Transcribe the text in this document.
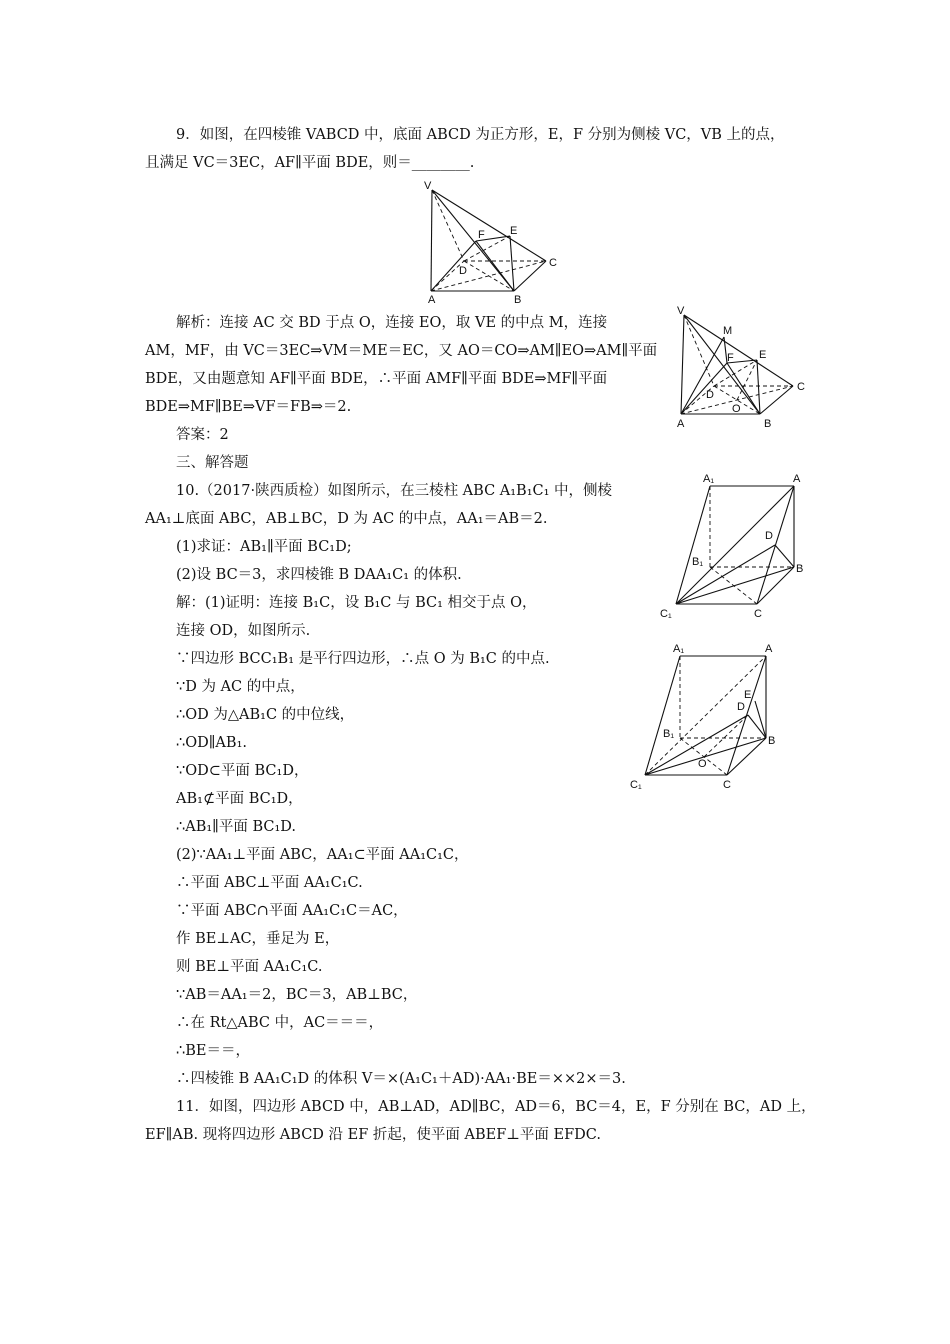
9．如图，在四棱锥 VABCD 中，底面 ABCD 为正方形，E，F 分别为侧棱 VC，VB 上的点，
且满足 VC＝3EC，AF∥平面 BDE，则＝________.
解析：连接 AC 交 BD 于点 O，连接 EO，取 VE 的中点 M，连接
AM，MF，由 VC＝3EC⇒VM＝ME＝EC，又 AO＝CO⇒AM∥EO⇒AM∥平面
BDE，又由题意知 AF∥平面 BDE，∴平面 AMF∥平面 BDE⇒MF∥平面
BDE⇒MF∥BE⇒VF＝FB⇒＝2.
答案：2
三、解答题
10.（2017·陕西质检）如图所示，在三棱柱 ABC A₁B₁C₁ 中，侧棱
AA₁⊥底面 ABC，AB⊥BC，D 为 AC 的中点，AA₁＝AB＝2.
(1)求证：AB₁∥平面 BC₁D;
(2)设 BC＝3，求四棱锥 B DAA₁C₁ 的体积.
解：(1)证明：连接 B₁C，设 B₁C 与 BC₁ 相交于点 O，
连接 OD，如图所示.
∵四边形 BCC₁B₁ 是平行四边形，∴点 O 为 B₁C 的中点.
∵D 为 AC 的中点，
∴OD 为△AB₁C 的中位线，
∴OD∥AB₁.
∵OD⊂平面 BC₁D，
AB₁⊄平面 BC₁D，
∴AB₁∥平面 BC₁D.
(2)∵AA₁⊥平面 ABC，AA₁⊂平面 AA₁C₁C，
∴平面 ABC⊥平面 AA₁C₁C.
∵平面 ABC∩平面 AA₁C₁C＝AC，
作 BE⊥AC，垂足为 E，
则 BE⊥平面 AA₁C₁C.
∵AB＝AA₁＝2，BC＝3，AB⊥BC，
∴在 Rt△ABC 中，AC＝＝＝，
∴BE＝＝，
∴四棱锥 B AA₁C₁D 的体积 V＝×(A₁C₁＋AD)·AA₁·BE＝××2×＝3.
11．如图，四边形 ABCD 中，AB⊥AD，AD∥BC，AD＝6，BC＝4，E，F 分别在 BC，AD 上，
EF∥AB. 现将四边形 ABCD 沿 EF 折起，使平面 ABEF⊥平面 EFDC.
V
A	B
C
D
E
F
V
M
F E
C
D
O
A	B
A₁	A
D
B₁
B
C₁	C
A₁	A
E
D
B₁
B
O
C₁	C
